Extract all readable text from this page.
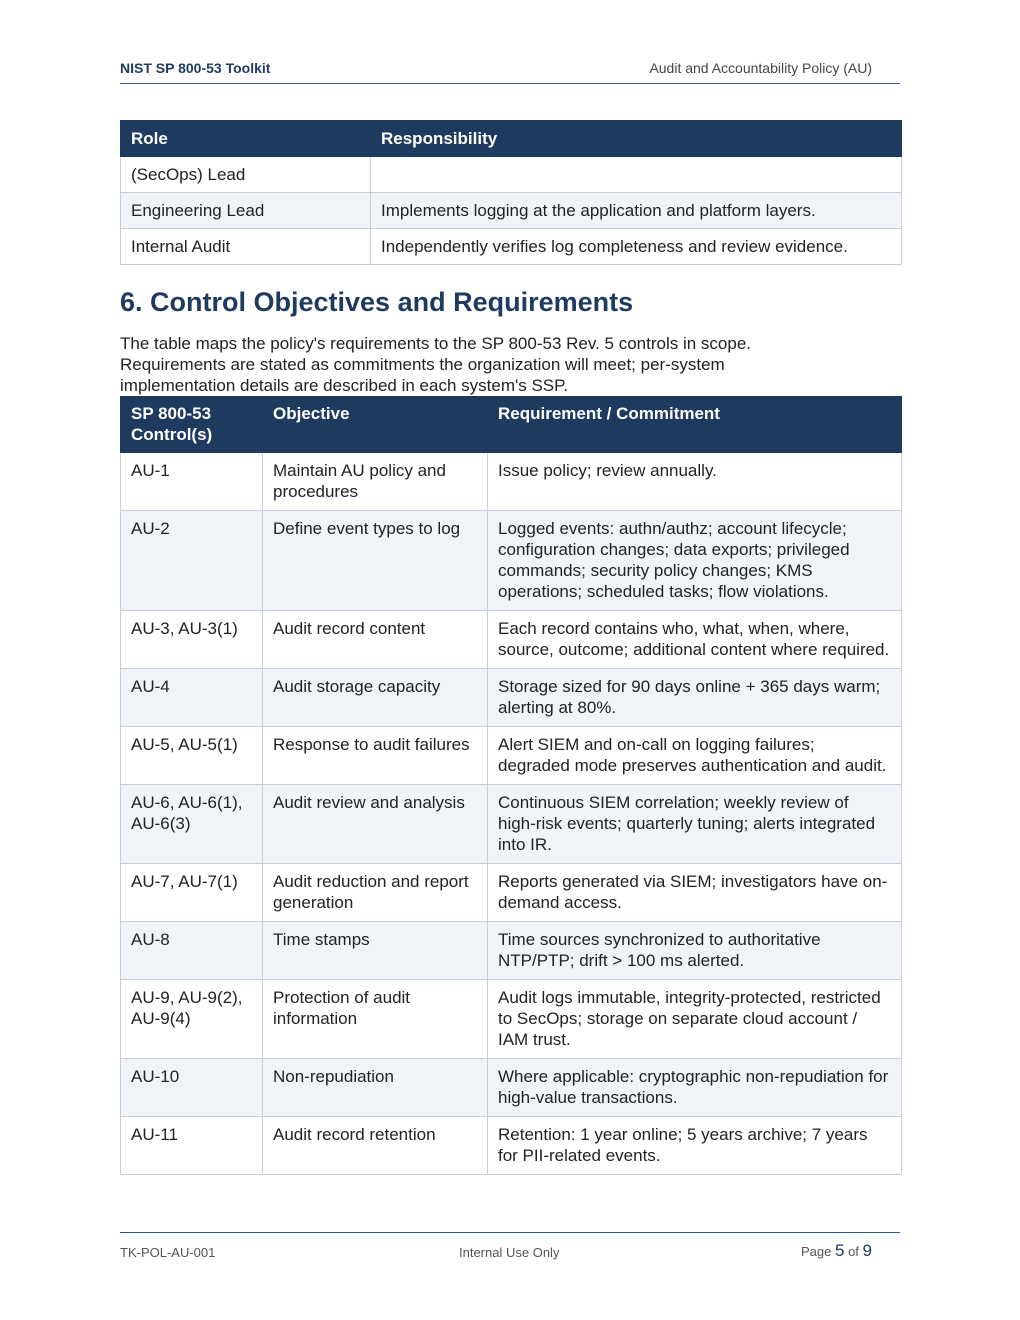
NIST SP 800-53 Toolkit	Audit and Accountability Policy (AU)
Role	Responsibility
(SecOps) Lead	
Engineering Lead	Implements logging at the application and platform layers.
Internal Audit	Independently verifies log completeness and review evidence.
6. Control Objectives and Requirements
The table maps the policy's requirements to the SP 800-53 Rev. 5 controls in scope.
Requirements are stated as commitments the organization will meet; per-system
implementation details are described in each system's SSP.
SP 800-53 Control(s)	Objective	Requirement / Commitment
AU-1	Maintain AU policy and procedures	Issue policy; review annually.
AU-2	Define event types to log	Logged events: authn/authz; account lifecycle; configuration changes; data exports; privileged commands; security policy changes; KMS operations; scheduled tasks; flow violations.
AU-3, AU-3(1)	Audit record content	Each record contains who, what, when, where, source, outcome; additional content where required.
AU-4	Audit storage capacity	Storage sized for 90 days online + 365 days warm; alerting at 80%.
AU-5, AU-5(1)	Response to audit failures	Alert SIEM and on-call on logging failures; degraded mode preserves authentication and audit.
AU-6, AU-6(1), AU-6(3)	Audit review and analysis	Continuous SIEM correlation; weekly review of high-risk events; quarterly tuning; alerts integrated into IR.
AU-7, AU-7(1)	Audit reduction and report generation	Reports generated via SIEM; investigators have on-demand access.
AU-8	Time stamps	Time sources synchronized to authoritative NTP/PTP; drift > 100 ms alerted.
AU-9, AU-9(2), AU-9(4)	Protection of audit information	Audit logs immutable, integrity-protected, restricted to SecOps; storage on separate cloud account / IAM trust.
AU-10	Non-repudiation	Where applicable: cryptographic non-repudiation for high-value transactions.
AU-11	Audit record retention	Retention: 1 year online; 5 years archive; 7 years for PII-related events.
TK-POL-AU-001	Internal Use Only	Page 5 of 9
